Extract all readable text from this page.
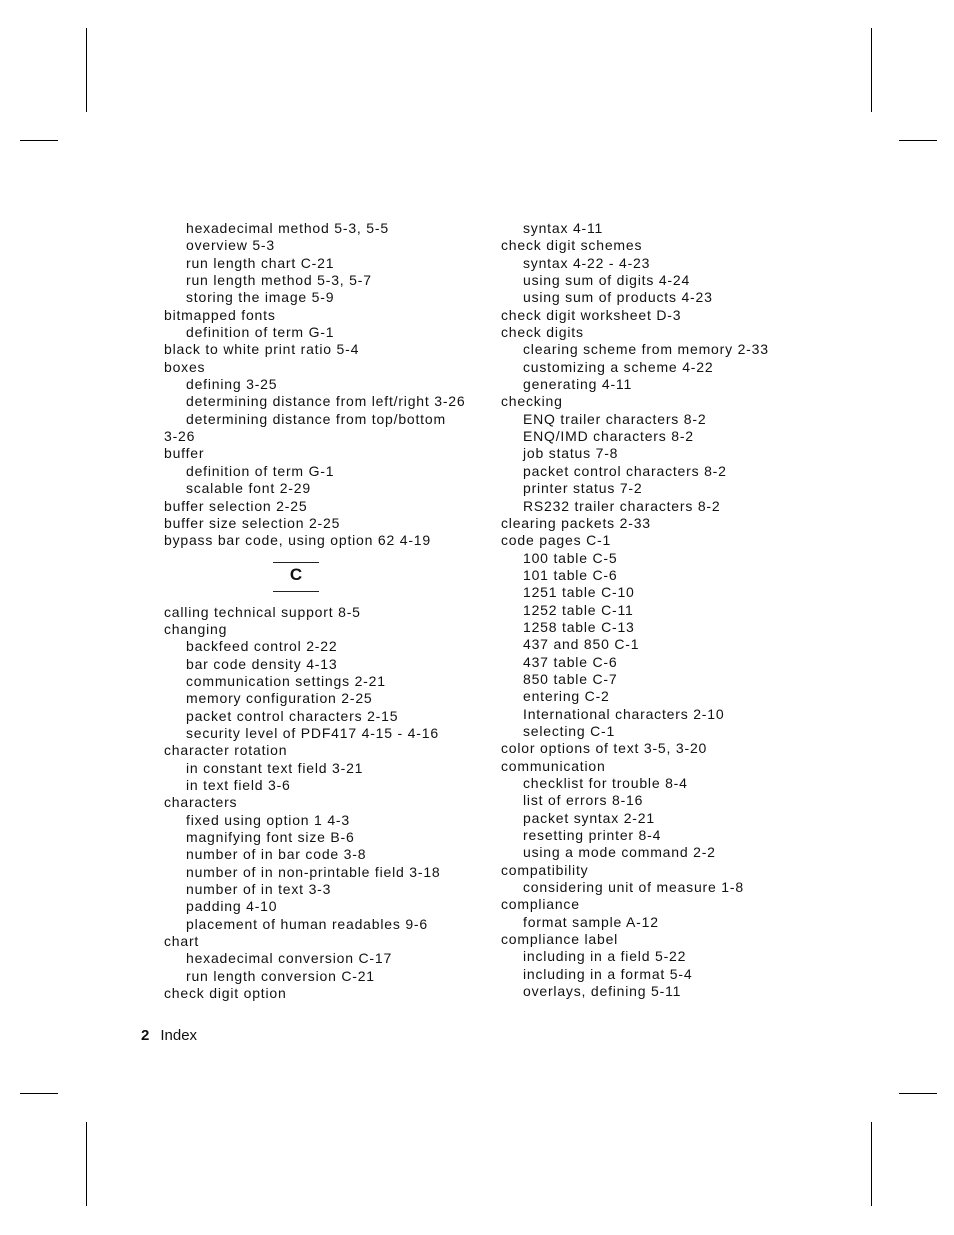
hexadecimal method 5-3, 5-5
overview 5-3
run length chart C-21
run length method 5-3, 5-7
storing the image 5-9
bitmapped fonts
definition of term G-1
black to white print ratio 5-4
boxes
defining 3-25
determining distance from left/right 3-26
determining distance from top/bottom
3-26
buffer
definition of term G-1
scalable font 2-29
buffer selection 2-25
buffer size selection 2-25
bypass bar code, using option 62 4-19
C
calling technical support 8-5
changing
backfeed control 2-22
bar code density 4-13
communication settings 2-21
memory configuration 2-25
packet control characters 2-15
security level of PDF417 4-15 - 4-16
character rotation
in constant text field 3-21
in text field 3-6
characters
fixed using option 1 4-3
magnifying font size B-6
number of in bar code 3-8
number of in non-printable field 3-18
number of in text 3-3
padding 4-10
placement of human readables 9-6
chart
hexadecimal conversion C-17
run length conversion C-21
check digit option
syntax 4-11
check digit schemes
syntax 4-22 - 4-23
using sum of digits 4-24
using sum of products 4-23
check digit worksheet D-3
check digits
clearing scheme from memory 2-33
customizing a scheme 4-22
generating 4-11
checking
ENQ trailer characters 8-2
ENQ/IMD characters 8-2
job status 7-8
packet control characters 8-2
printer status 7-2
RS232 trailer characters 8-2
clearing packets 2-33
code pages C-1
100 table C-5
101 table C-6
1251 table C-10
1252 table C-11
1258 table C-13
437 and 850 C-1
437 table C-6
850 table C-7
entering C-2
International characters 2-10
selecting C-1
color options of text 3-5, 3-20
communication
checklist for trouble 8-4
list of errors 8-16
packet syntax 2-21
resetting printer 8-4
using a mode command 2-2
compatibility
considering unit of measure 1-8
compliance
format sample A-12
compliance label
including in a field 5-22
including in a format 5-4
overlays, defining 5-11
2 Index
